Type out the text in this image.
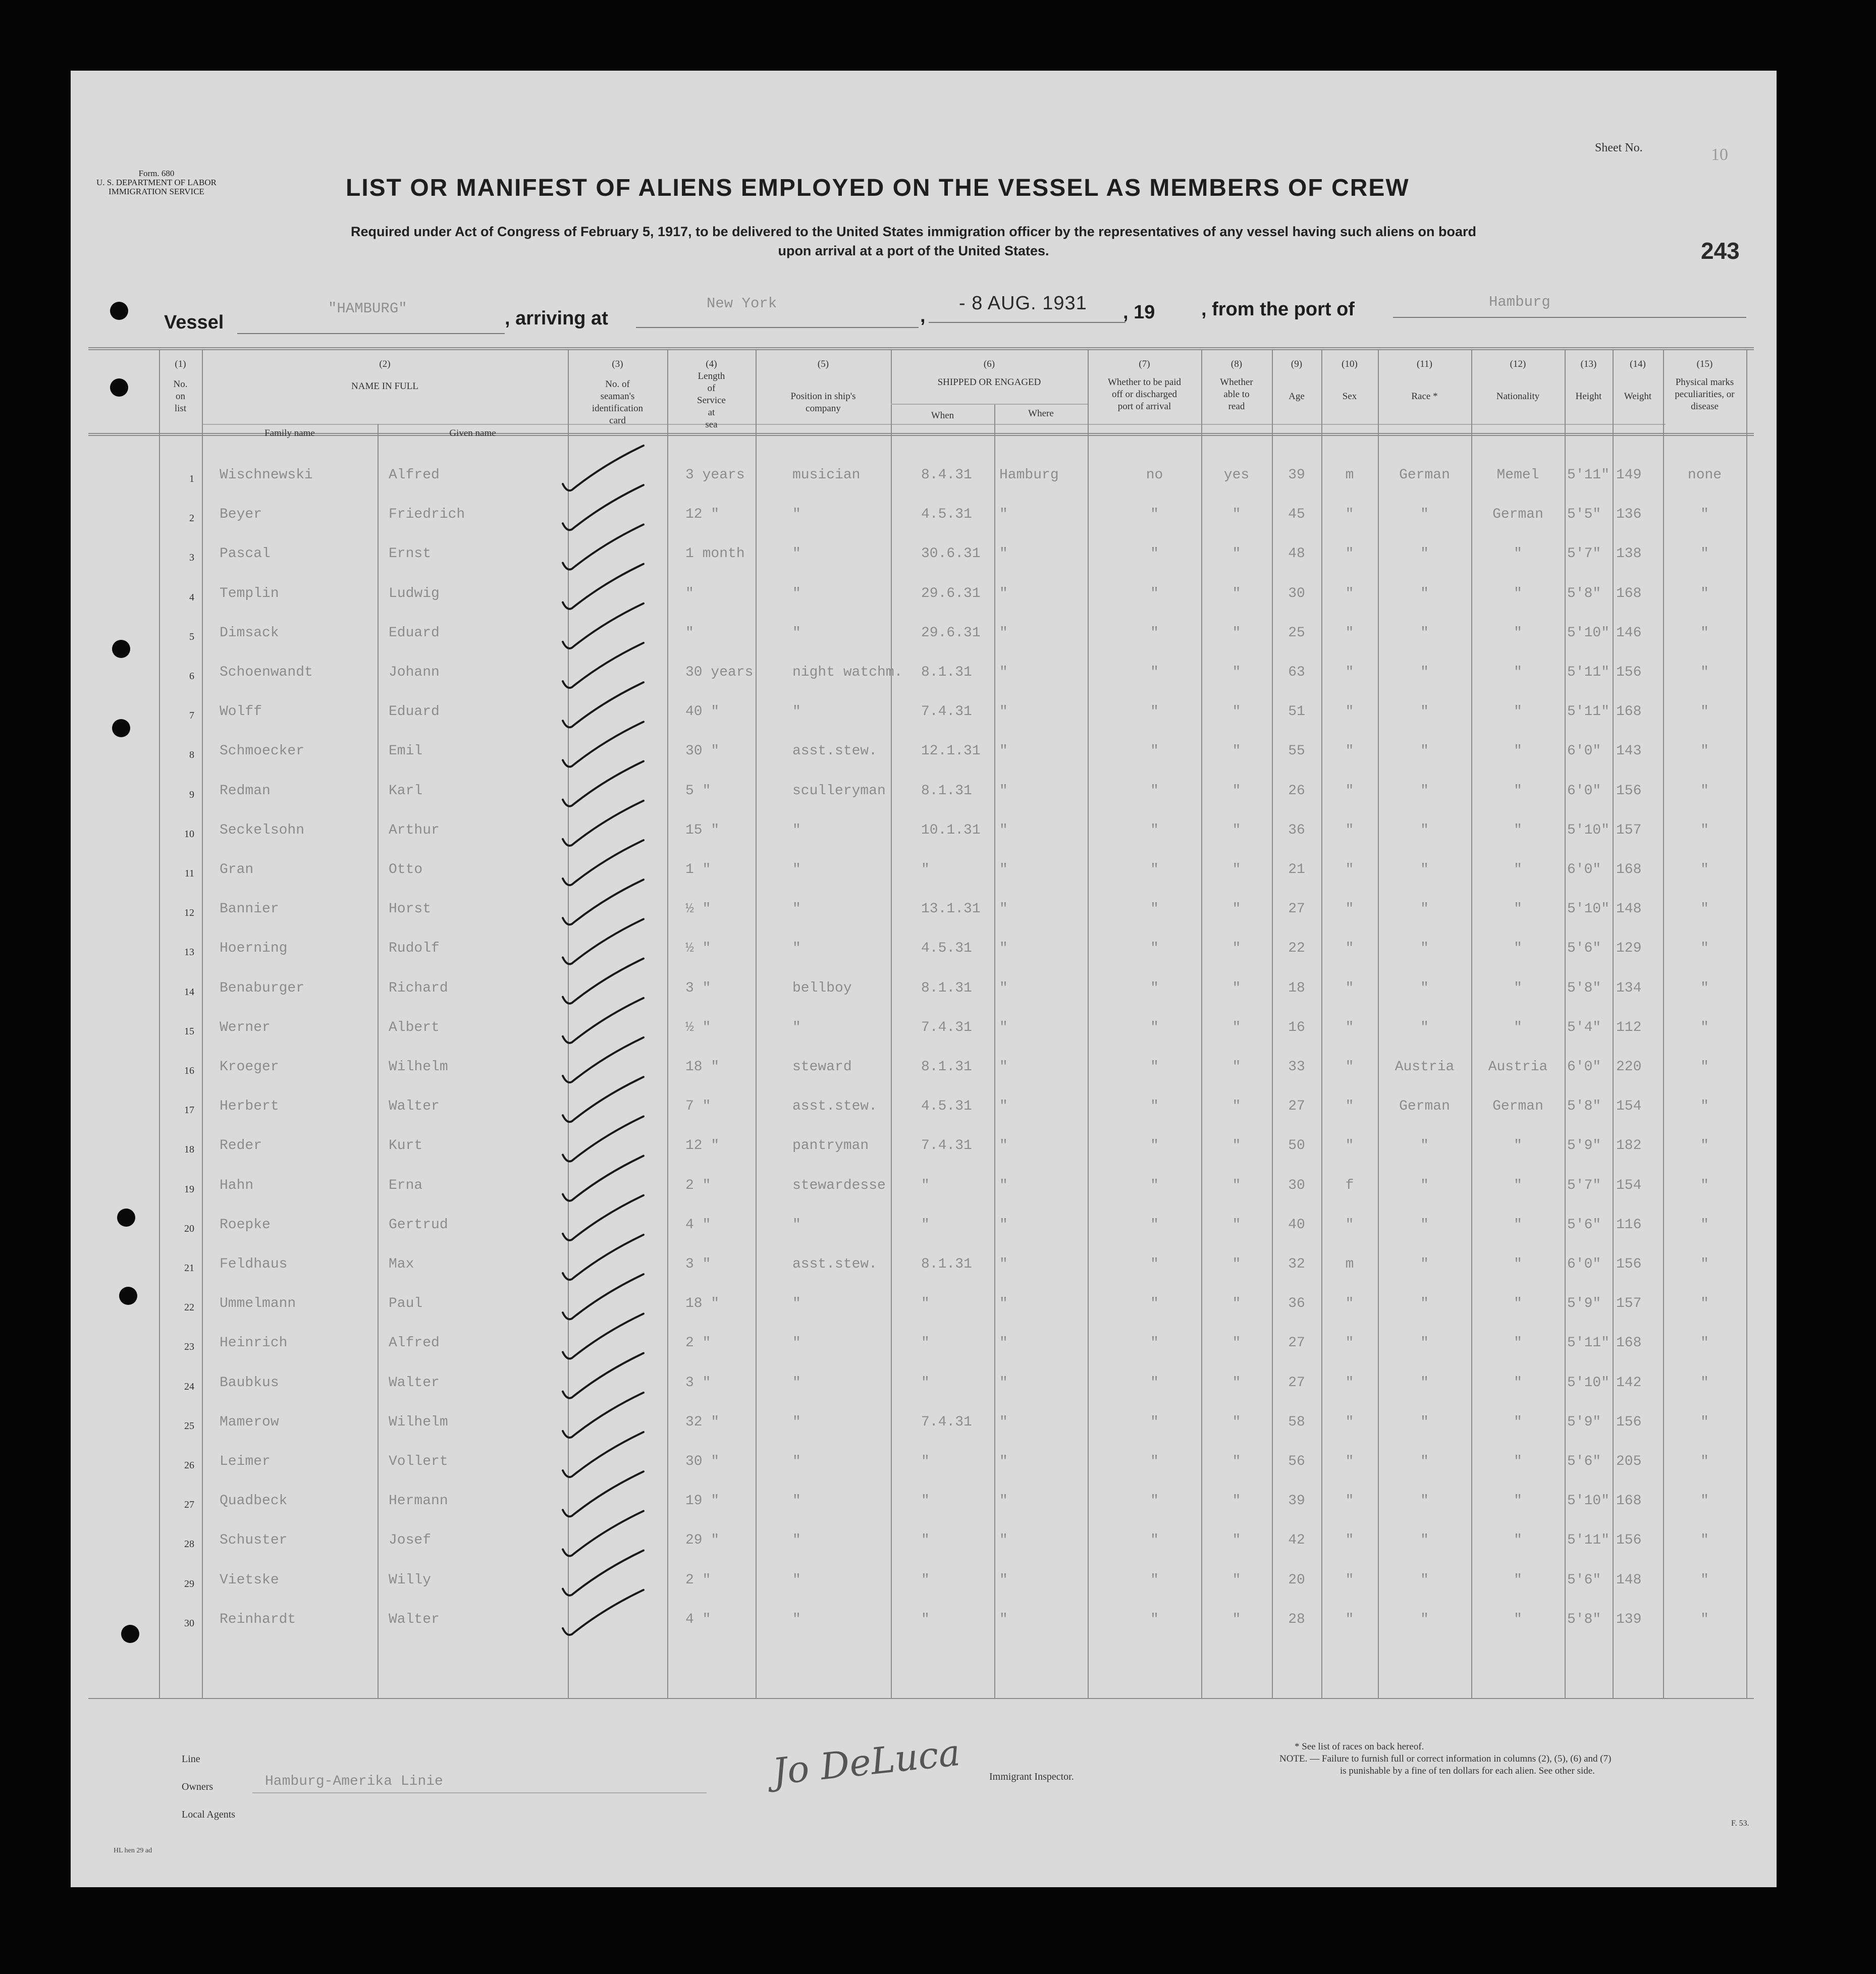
Form. 680
U. S. DEPARTMENT OF LABOR
IMMIGRATION SERVICE
Sheet No.	10
243
LIST OR MANIFEST OF ALIENS EMPLOYED ON THE VESSEL AS MEMBERS OF CREW
Required under Act of Congress of February 5, 1917, to be delivered to the United States immigration officer by the representatives of any vessel having such aliens on board
upon arrival at a port of the United States.
Vessel
"HAMBURG"	, arriving at
New York
,
- 8 AUG. 1931 , 19 , from the port of	Hamburg
(1)
No.
on
list
(2)
NAME IN FULL
Family name	Given name
(3)
No. of
seaman's
identification
card
(4)
Length
of
Service
at
sea
(5)
Position in ship's
company
(6)
SHIPPED OR ENGAGED
When	Where
(7)
Whether to be paid
off or discharged
port of arrival
(8)
Whether
able to
read
(9)
Age
(10)
Sex
(11)
Race *
(12)
Nationality
(13)
Height
(14)
Weight
(15)
Physical marks
peculiarities, or
disease
1 Wischnewski	Alfred	3 years	musician	8.4.31 Hamburg	no	yes	39	m	German	Memel	5'11" 149	none
2 Beyer	Friedrich	12 "	"	4.5.31 "	"	"	45	"	"	German	5'5" 136	"
3 Pascal	Ernst	1 month	"	30.6.31 "	"	"	48	"	"	"	5'7" 138	"
4 Templin	Ludwig	"	"	29.6.31 "	"	"	30	"	"	"	5'8" 168	"
5 Dimsack	Eduard	"	"	29.6.31 "	"	"	25	"	"	"	5'10" 146	"
6 Schoenwandt	Johann	30 years	night watchm. 8.1.31 "	"	"	63	"	"	"	5'11" 156	"
7 Wolff	Eduard	40 "	"	7.4.31 "	"	"	51	"	"	"	5'11" 168	"
8 Schmoecker	Emil	30 "	asst.stew.	12.1.31 "	"	"	55	"	"	"	6'0" 143	"
9 Redman	Karl	5 "	sculleryman	8.1.31 "	"	"	26	"	"	"	6'0" 156	"
10 Seckelsohn	Arthur	15 "	"	10.1.31 "	"	"	36	"	"	"	5'10" 157	"
11 Gran	Otto	1 "	"	"	"	"	"	21	"	"	"	6'0" 168	"
12 Bannier	Horst	½ "	"	13.1.31 "	"	"	27	"	"	"	5'10" 148	"
13 Hoerning	Rudolf	½ "	"	4.5.31 "	"	"	22	"	"	"	5'6" 129	"
14 Benaburger	Richard	3 "	bellboy	8.1.31 "	"	"	18	"	"	"	5'8" 134	"
15 Werner	Albert	½ "	"	7.4.31 "	"	"	16	"	"	"	5'4" 112	"
16 Kroeger	Wilhelm	18 "	steward	8.1.31 "	"	"	33	"	Austria	Austria	6'0" 220	"
17 Herbert	Walter	7 "	asst.stew.	4.5.31 "	"	"	27	"	German	German	5'8" 154	"
18 Reder	Kurt	12 "	pantryman	7.4.31 "	"	"	50	"	"	"	5'9" 182	"
19 Hahn	Erna	2 "	stewardesse	"	"	"	"	30	f	"	"	5'7" 154	"
20 Roepke	Gertrud	4 "	"	"	"	"	"	40	"	"	"	5'6" 116	"
21 Feldhaus	Max	3 "	asst.stew.	8.1.31 "	"	"	32	m	"	"	6'0" 156	"
22 Ummelmann	Paul	18 "	"	"	"	"	"	36	"	"	"	5'9" 157	"
23 Heinrich	Alfred	2 "	"	"	"	"	"	27	"	"	"	5'11" 168	"
24 Baubkus	Walter	3 "	"	"	"	"	"	27	"	"	"	5'10" 142	"
25 Mamerow	Wilhelm	32 "	"	7.4.31 "	"	"	58	"	"	"	5'9" 156	"
26 Leimer	Vollert	30 "	"	"	"	"	"	56	"	"	"	5'6" 205	"
27 Quadbeck	Hermann	19 "	"	"	"	"	"	39	"	"	"	5'10" 168	"
28 Schuster	Josef	29 "	"	"	"	"	"	42	"	"	"	5'11" 156	"
29 Vietske	Willy	2 "	"	"	"	"	"	20	"	"	"	5'6" 148	"
30 Reinhardt	Walter	4 "	"	"	"	"	"	28	"	"	"	5'8" 139	"
Line
Owners	Hamburg-Amerika Linie
Local Agents
Jo DeLuca	Immigrant Inspector.
* See list of races on back hereof.
NOTE. — Failure to furnish full or correct information in columns (2), (5), (6) and (7)
is punishable by a fine of ten dollars for each alien. See other side.
HL hen 29 ad
F. 53.
